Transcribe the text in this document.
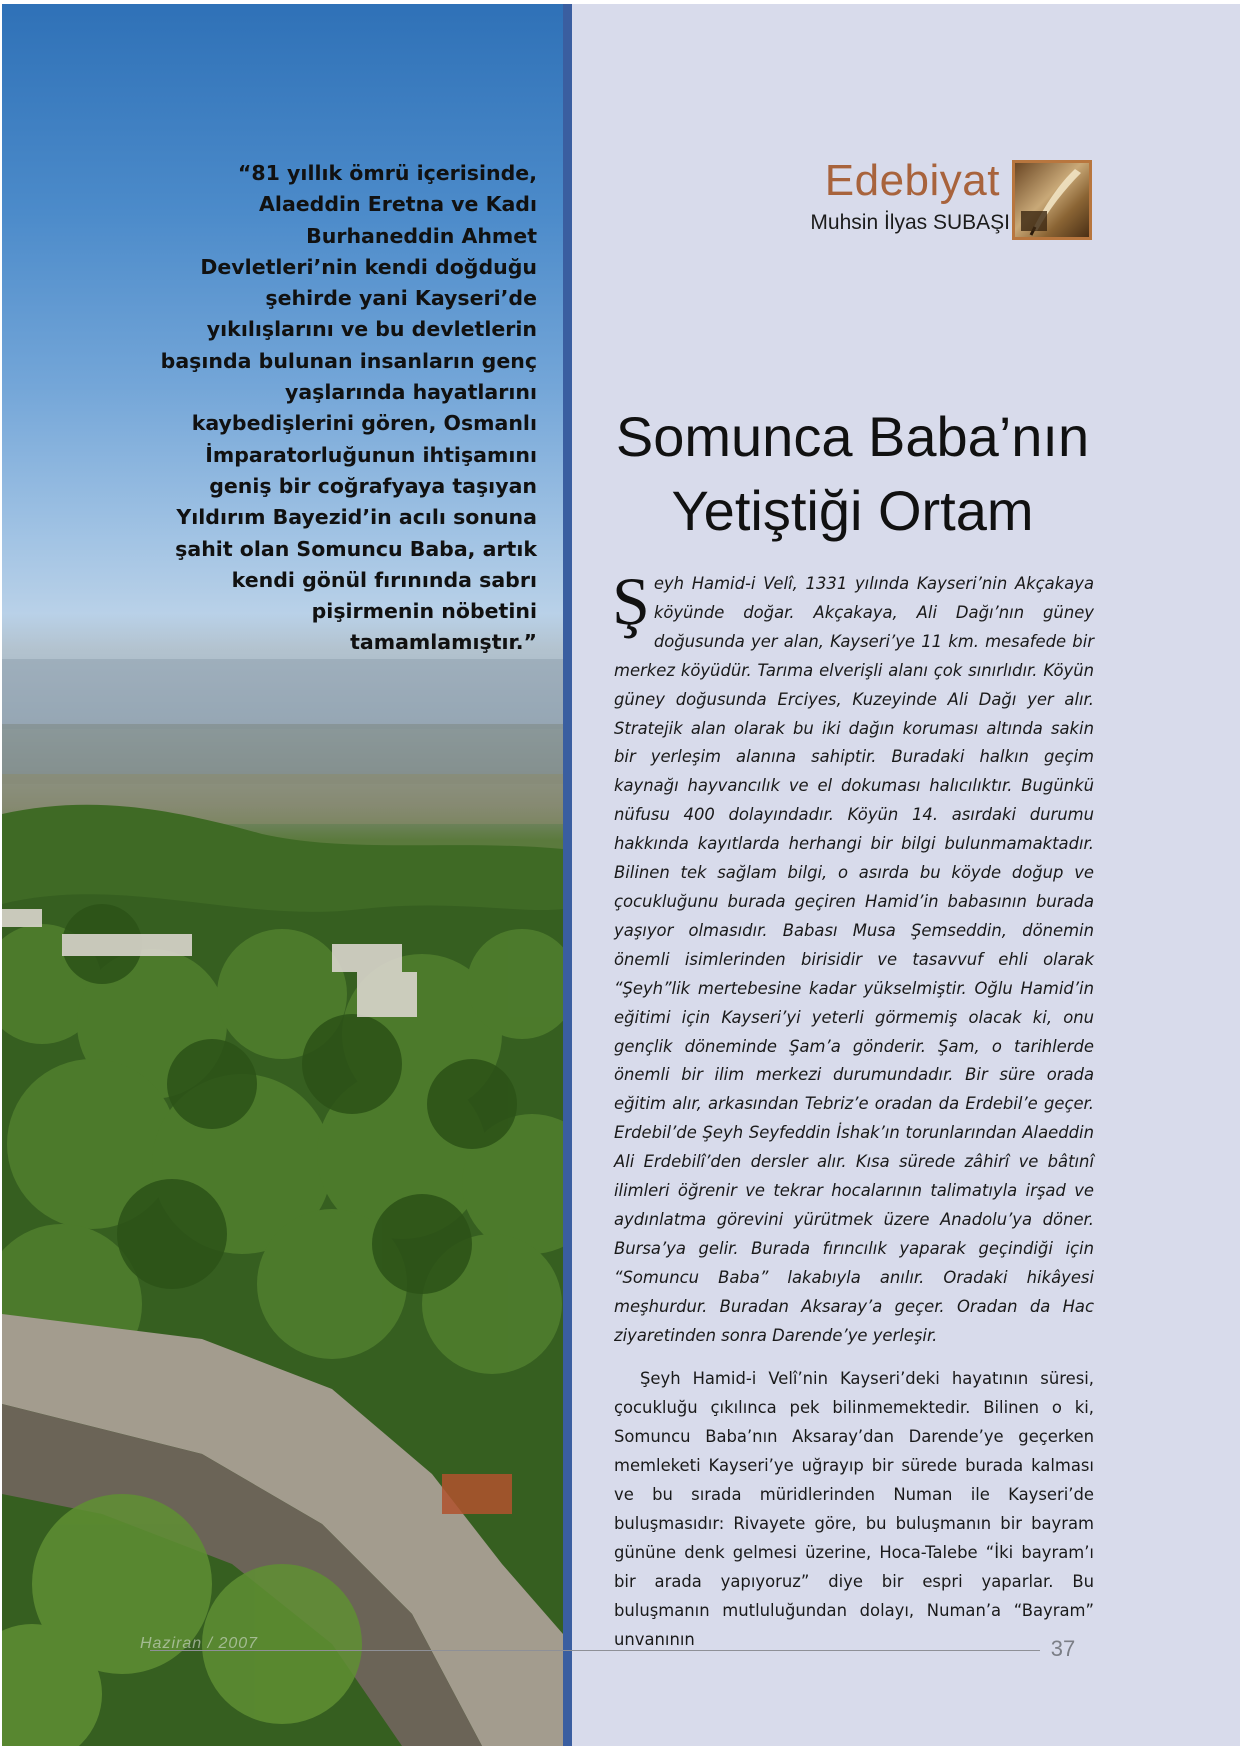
“81 yıllık ömrü içerisinde, Alaeddin Eretna ve Kadı Burhaneddin Ahmet Devletleri’nin kendi doğduğu şehirde yani Kayseri’de yıkılışlarını ve bu devletlerin başında bulunan insanların genç yaşlarında hayatlarını kaybedişlerini gören, Osmanlı İmparatorluğunun ihtişamını geniş bir coğrafyaya taşıyan Yıldırım Bayezid’in acılı sonuna şahit olan Somuncu Baba, artık kendi gönül fırınında sabrı pişirmenin nöbetini tamamlamıştır.”

Edebiyat
Muhsin İlyas SUBAŞI
Somunca Baba’nın
Yetiştiği Ortam

Şeyh Hamid-i Velî, 1331 yılında Kayseri’nin Akçakaya köyünde doğar. Akçakaya, Ali Dağı’nın güney doğusunda yer alan, Kayseri’ye 11 km. mesafede bir merkez köyüdür. Tarıma elverişli alanı çok sınırlıdır. Köyün güney doğusunda Erciyes, Kuzeyinde Ali Dağı yer alır. Stratejik alan olarak bu iki dağın koruması altında sakin bir yerleşim alanına sahiptir. Buradaki halkın geçim kaynağı hayvancılık ve el dokuması halıcılıktır. Bugünkü nüfusu 400 dolayındadır. Köyün 14. asırdaki durumu hakkında kayıtlarda herhangi bir bilgi bulunmamaktadır. Bilinen tek sağlam bilgi, o asırda bu köyde doğup ve çocukluğunu burada geçiren Hamid’in babasının burada yaşıyor olmasıdır. Babası Musa Şemseddin, dönemin önemli isimlerinden birisidir ve tasavvuf ehli olarak “Şeyh”lik mertebesine kadar yükselmiştir. Oğlu Hamid’in eğitimi için Kayseri’yi yeterli görmemiş olacak ki, onu gençlik döneminde Şam’a gönderir. Şam, o tarihlerde önemli bir ilim merkezi durumundadır. Bir süre orada eğitim alır, arkasından Tebriz’e oradan da Erdebil’e geçer. Erdebil’de Şeyh Seyfeddin İshak’ın torunlarından Alaeddin Ali Erdebilî’den dersler alır. Kısa sürede zâhirî ve bâtınî ilimleri öğrenir ve tekrar hocalarının talimatıyla irşad ve aydınlatma görevini yürütmek üzere Anadolu’ya döner. Bursa’ya gelir. Burada fırıncılık yaparak geçindiği için “Somuncu Baba” lakabıyla anılır. Oradaki hikâyesi meşhurdur. Buradan Aksaray’a geçer. Oradan da Hac ziyaretinden sonra Darende’ye yerleşir.

Şeyh Hamid-i Velî’nin Kayseri’deki hayatının süresi, çocukluğu çıkılınca pek bilinmemektedir. Bilinen o ki, Somuncu Baba’nın Aksaray’dan Darende’ye geçerken memleketi Kayseri’ye uğrayıp bir sürede burada kalması ve bu sırada müridlerinden Numan ile Kayseri’de buluşmasıdır: Rivayete göre, bu buluşmanın bir bayram gününe denk gelmesi üzerine, Hoca-Talebe “İki bayram’ı bir arada yapıyoruz” diye bir espri yaparlar. Bu buluşmanın mutluluğundan dolayı, Numan’a “Bayram” unvanının

Haziran / 2007	37
